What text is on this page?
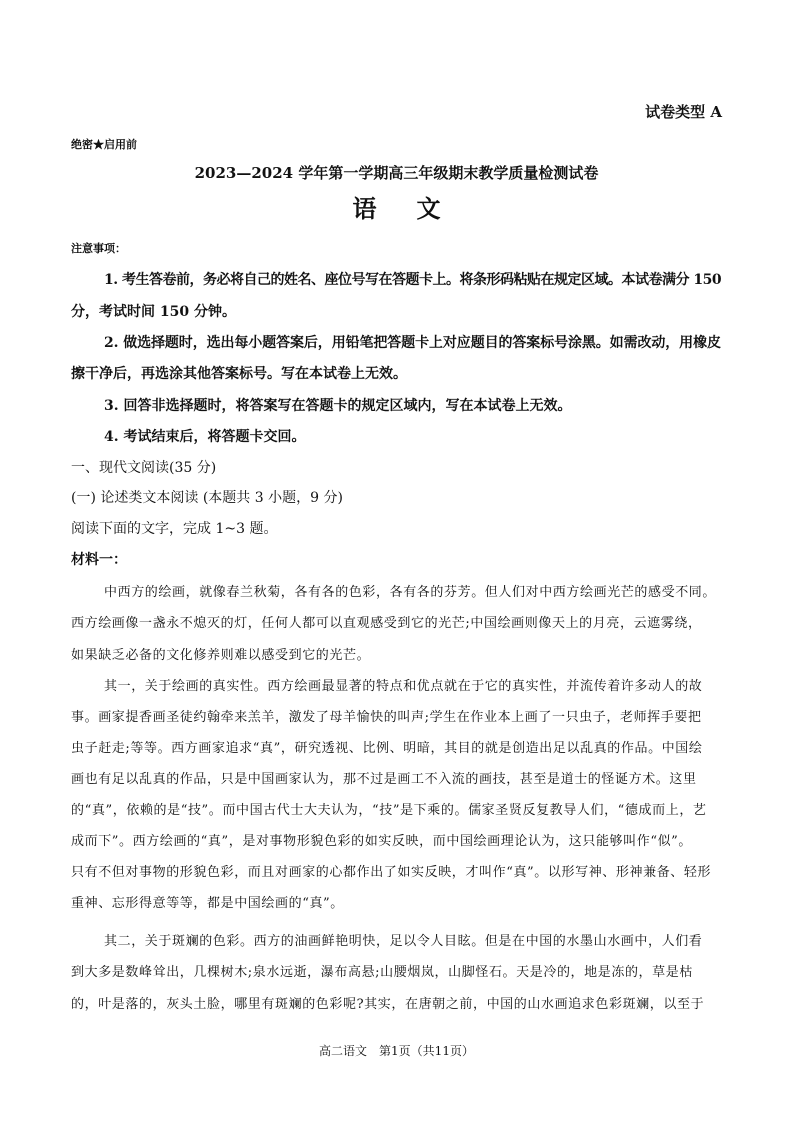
试卷类型 A

绝密★启用前

2023—2024 学年第一学期高三年级期末教学质量检测试卷

语文

注意事项：

1. 考生答卷前，务必将自己的姓名、座位号写在答题卡上。将条形码粘贴在规定区域。本试卷满分 150

分，考试时间 150 分钟。

2. 做选择题时，选出每小题答案后，用铅笔把答题卡上对应题目的答案标号涂黑。如需改动，用橡皮

擦干净后，再选涂其他答案标号。写在本试卷上无效。

3. 回答非选择题时，将答案写在答题卡的规定区域内，写在本试卷上无效。

4. 考试结束后，将答题卡交回。

一、现代文阅读(35 分)

(一) 论述类文本阅读 (本题共 3 小题，9 分)

阅读下面的文字，完成 1~3 题。

材料一：

中西方的绘画，就像春兰秋菊，各有各的色彩，各有各的芬芳。但人们对中西方绘画光芒的感受不同。

西方绘画像一盏永不熄灭的灯，任何人都可以直观感受到它的光芒;中国绘画则像天上的月亮，云遮雾绕，

如果缺乏必备的文化修养则难以感受到它的光芒。

其一，关于绘画的真实性。西方绘画最显著的特点和优点就在于它的真实性，并流传着许多动人的故

事。画家提香画圣徒约翰牵来羔羊，激发了母羊愉快的叫声;学生在作业本上画了一只虫子，老师挥手要把

虫子赶走;等等。西方画家追求“真”，研究透视、比例、明暗，其目的就是创造出足以乱真的作品。中国绘

画也有足以乱真的作品，只是中国画家认为，那不过是画工不入流的画技，甚至是道士的怪诞方术。这里

的“真”，依赖的是“技”。而中国古代士大夫认为，“技”是下乘的。儒家圣贤反复教导人们，“德成而上，艺

成而下”。西方绘画的“真”，是对事物形貌色彩的如实反映，而中国绘画理论认为，这只能够叫作“似”。

只有不但对事物的形貌色彩，而且对画家的心都作出了如实反映，才叫作“真”。以形写神、形神兼备、轻形

重神、忘形得意等等，都是中国绘画的“真”。

其二，关于斑斓的色彩。西方的油画鲜艳明快，足以令人目眩。但是在中国的水墨山水画中，人们看

到大多是数峰耸出，几棵树木;泉水远逝，瀑布高悬;山腰烟岚，山脚怪石。天是冷的，地是冻的，草是枯

的，叶是落的，灰头土脸，哪里有斑斓的色彩呢?其实，在唐朝之前，中国的山水画追求色彩斑斓，以至于

高二语文　第1页（共11页）
